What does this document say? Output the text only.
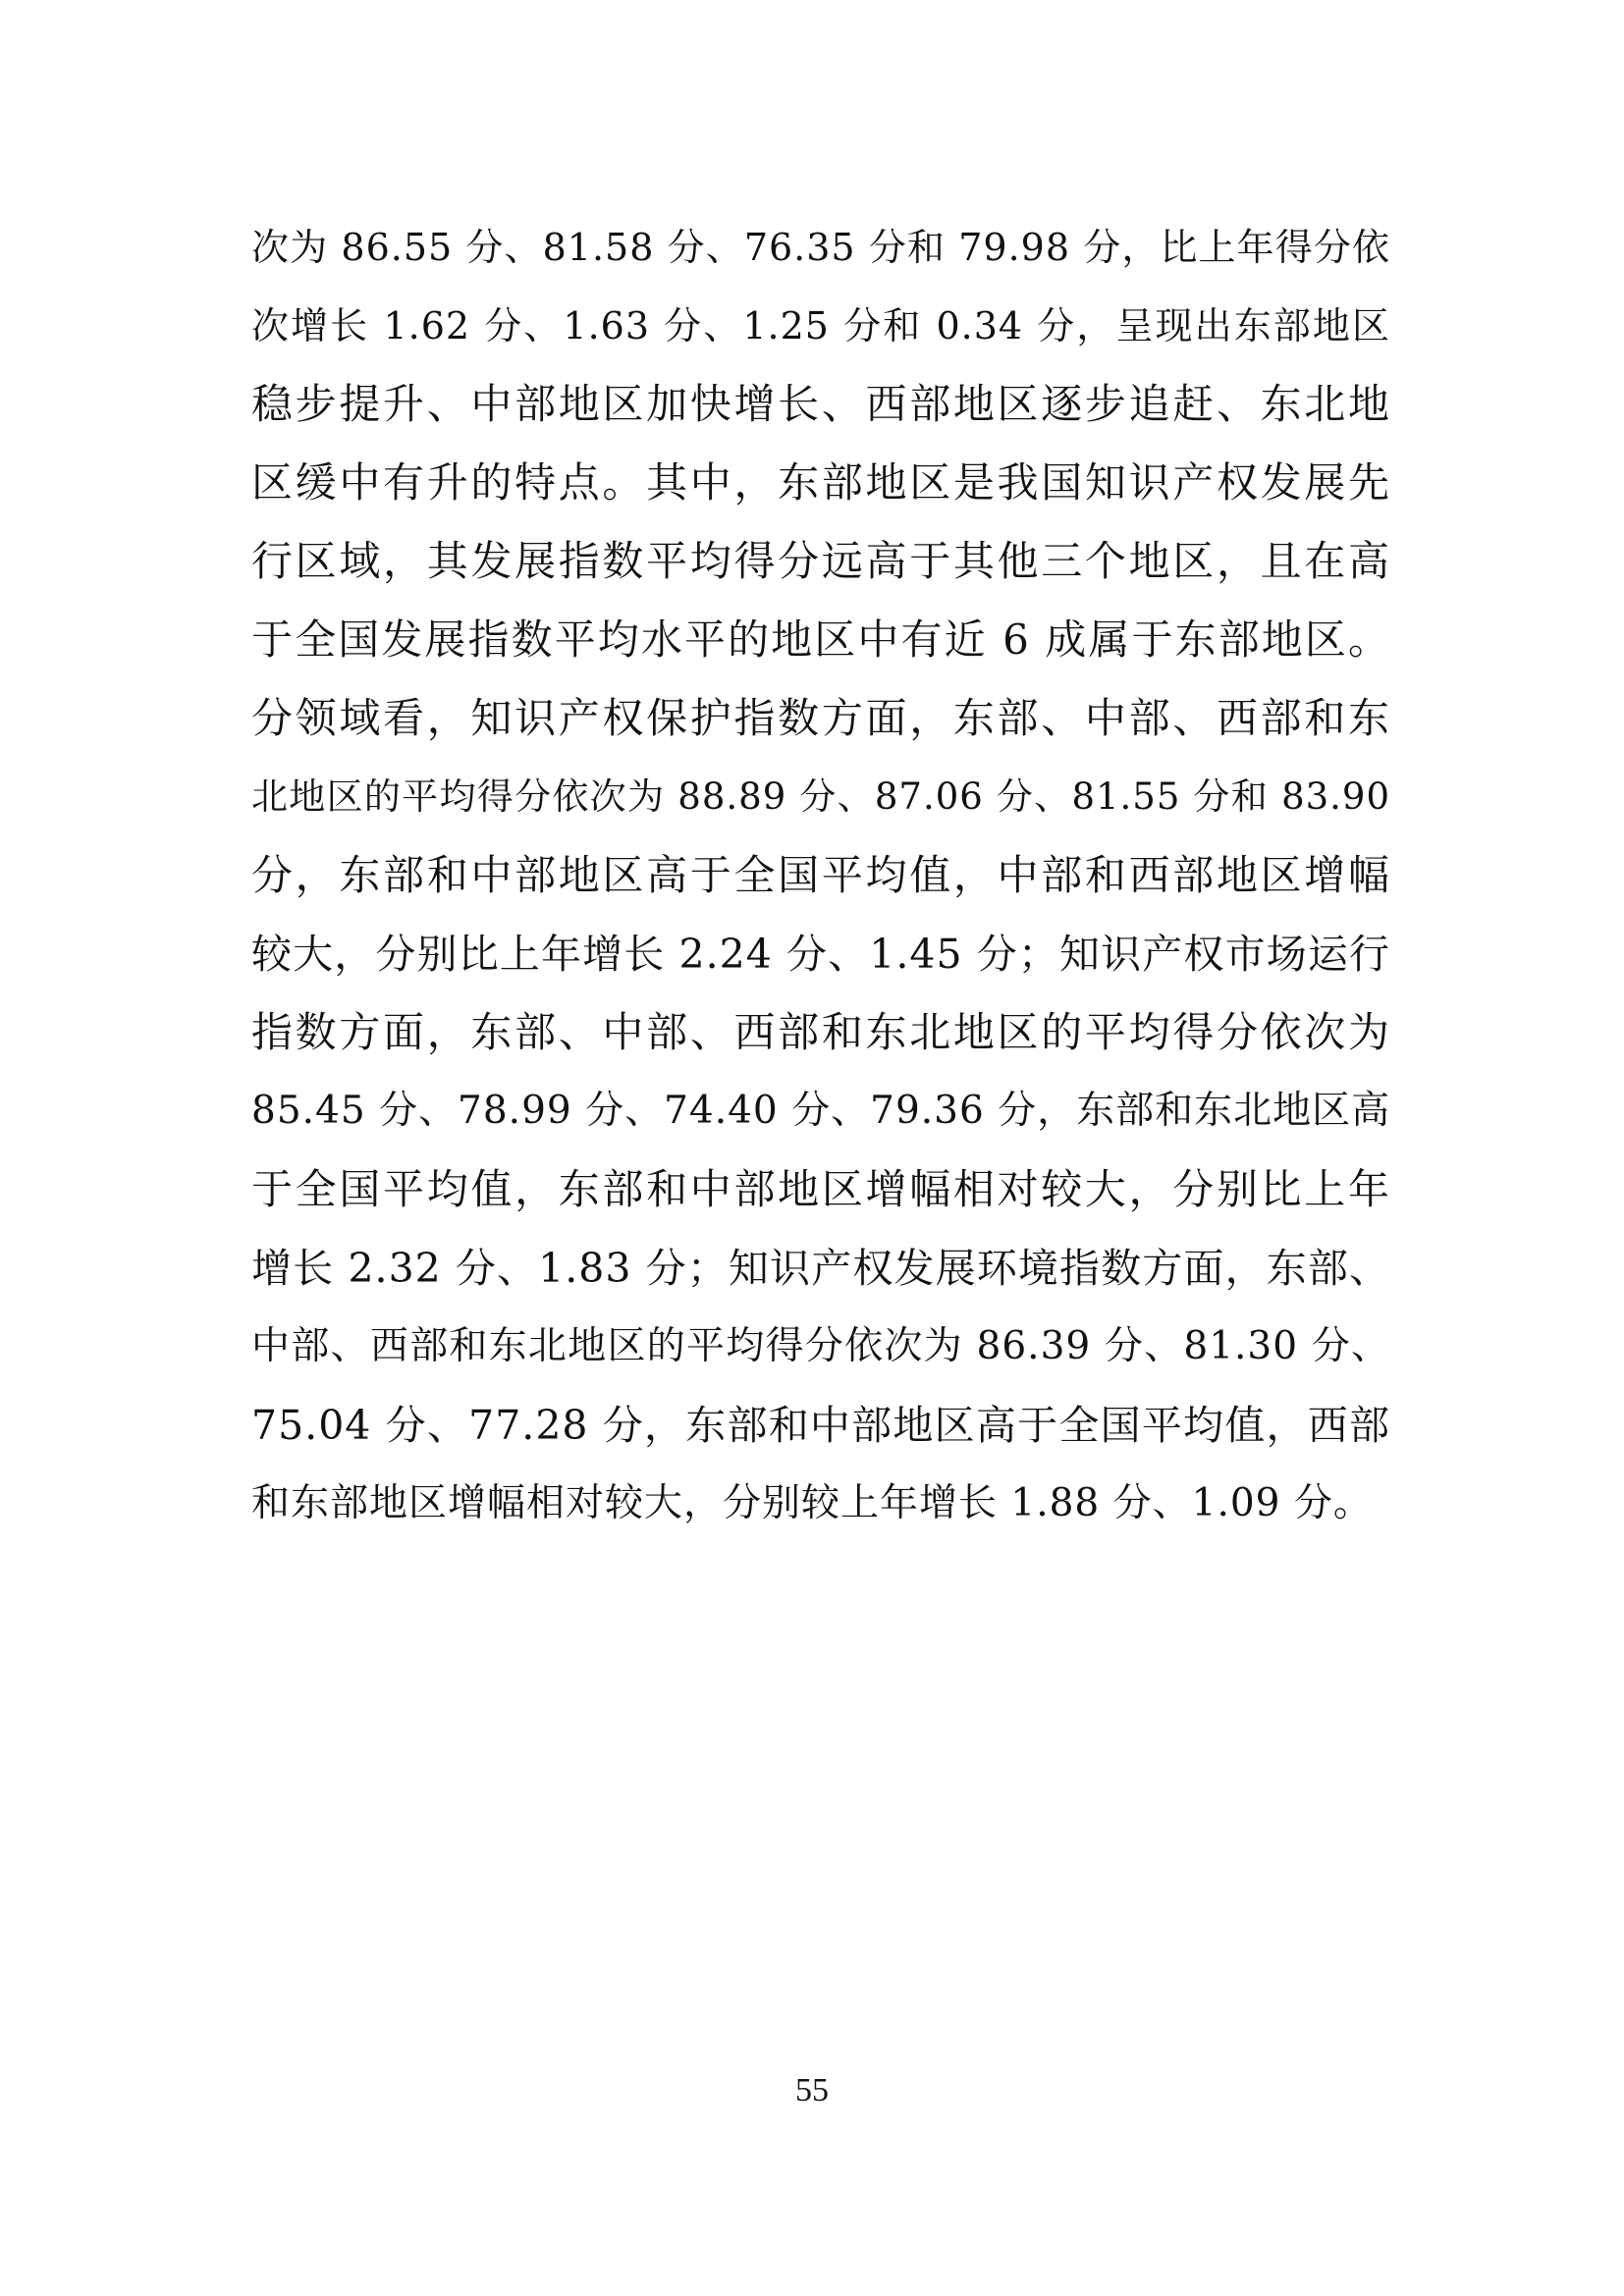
次为 86.55 分、81.58 分、76.35 分和 79.98 分，比上年得分依
次增长 1.62 分、1.63 分、1.25 分和 0.34 分，呈现出东部地区
稳步提升、中部地区加快增长、西部地区逐步追赶、东北地
区缓中有升的特点。其中，东部地区是我国知识产权发展先
行区域，其发展指数平均得分远高于其他三个地区，且在高
于全国发展指数平均水平的地区中有近 6 成属于东部地区。
分领域看，知识产权保护指数方面，东部、中部、西部和东
北地区的平均得分依次为 88.89 分、87.06 分、81.55 分和 83.90
分，东部和中部地区高于全国平均值，中部和西部地区增幅
较大，分别比上年增长 2.24 分、1.45 分；知识产权市场运行
指数方面，东部、中部、西部和东北地区的平均得分依次为
85.45 分、78.99 分、74.40 分、79.36 分，东部和东北地区高
于全国平均值，东部和中部地区增幅相对较大，分别比上年
增长 2.32 分、1.83 分；知识产权发展环境指数方面，东部、
中部、西部和东北地区的平均得分依次为 86.39 分、81.30 分、
75.04 分、77.28 分，东部和中部地区高于全国平均值，西部
和东部地区增幅相对较大，分别较上年增长 1.88 分、1.09 分。
55
